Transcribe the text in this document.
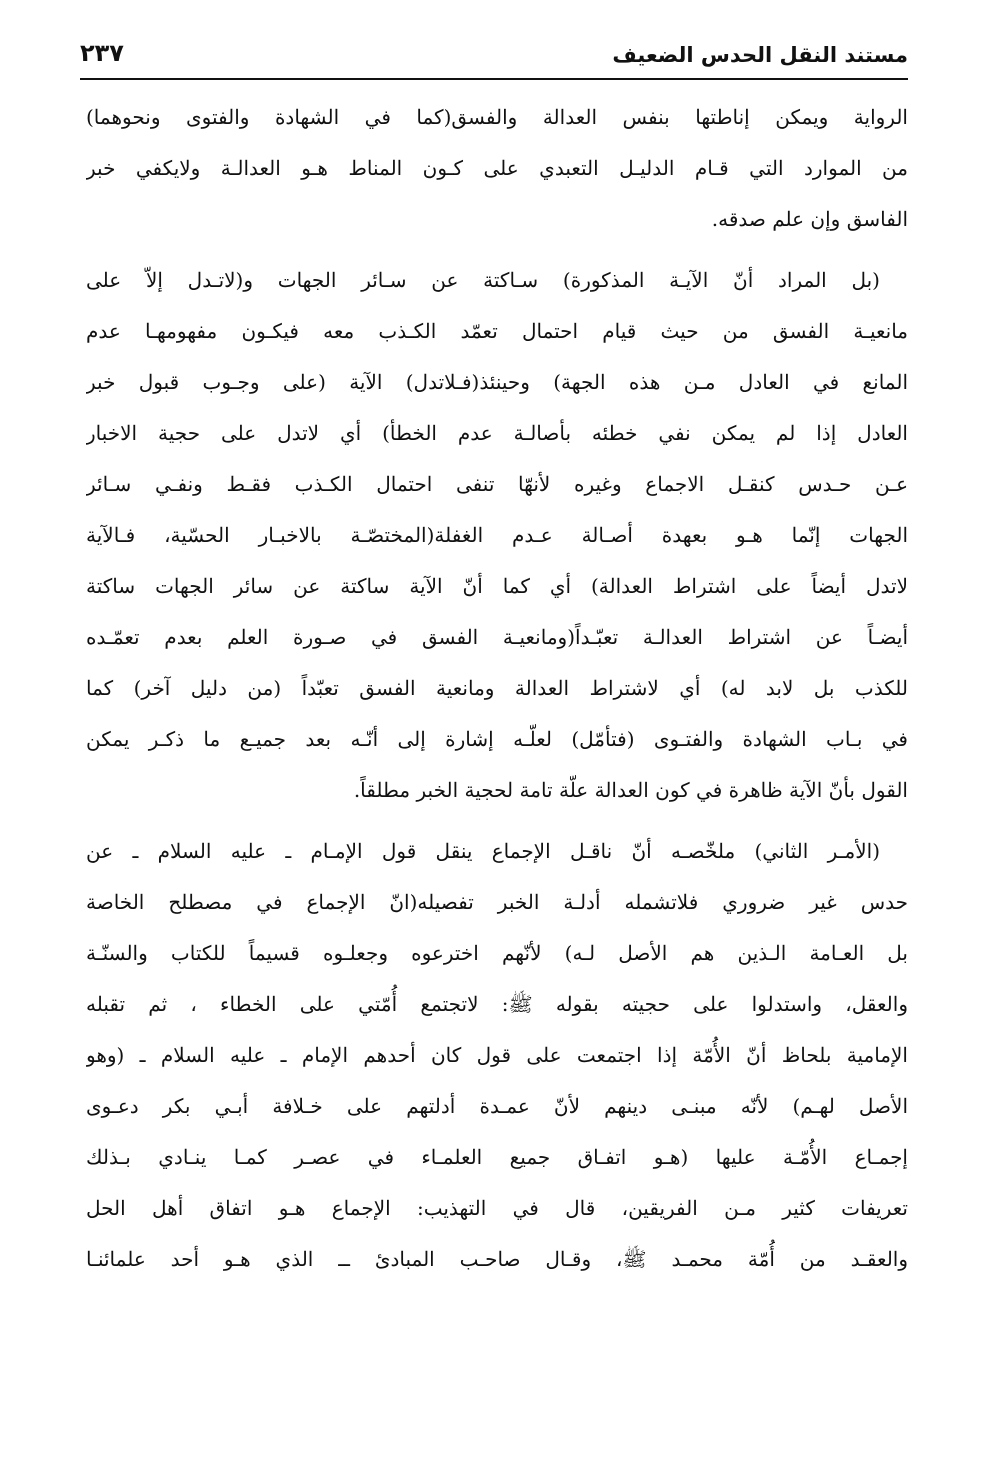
مستند النقل الحدس الضعيف
٢٣٧
الرواية ويمكن إناطتها بنفس العدالة والفسق(كما في الشهادة والفتوى ونحوهما)
من الموارد التي قـام الدليـل التعبدي على كـون المناط هـو العدالـة ولايكفي خبر
الفاسق وإن علم صدقه.
(بل المراد أنّ الآيـة المذكورة) سـاكتة عن سـائر الجهات و(لاتـدل إلاّ على
مانعيـة الفسق من حيث قيام احتمال تعمّد الكـذب معه فيكـون مفهومهـا عدم
المانع في العادل مـن هذه الجهة) وحينئذ(فـلاتدل) الآية (على وجـوب قبول خبر
العادل إذا لم يمكن نفي خطئه بأصالـة عدم الخطأ) أي لاتدل على حجية الاخبار
عـن حـدس كنقـل الاجماع وغيره لأنهّا تنفى احتمال الكـذب فقـط ونفـي سـائر
الجهات إنّما هـو بعهدة أصـالة عـدم الغفلة(المختصّـة بالاخبـار الحسّية، فـالآية
لاتدل أيضاً على اشتراط العدالة) أي كما أنّ الآية ساكتة عن سائر الجهات ساكتة
أيضـاً عن اشتراط العدالـة تعبّـداً(ومانعيـة الفسق في صـورة العلم بعدم تعمّـده
للكذب بل لابد له) أي لاشتراط العدالة ومانعية الفسق تعبّداً (من دليل آخر) كما
في بـاب الشهادة والفتـوى (فتأمّل) لعلّـه إشارة إلى أنّـه بعد جميـع ما ذكـر يمكن
القول بأنّ الآية ظاهرة في كون العدالة علّة تامة لحجية الخبر مطلقاً.
(الأمـر الثاني) ملخّصـه أنّ ناقـل الإجماع ينقل قول الإمـام ـ عليه السلام ـ عن
حدس غير ضروري فلاتشمله أدلـة الخبر تفصيله(انّ الإجماع في مصطلح الخاصة
بل العـامة الـذين هم الأصل لـه) لأنّهم اخترعوه وجعلـوه قسيماً للكتاب والسنّـة
والعقل، واستدلوا على حجيته بقوله ﷺ: لاتجتمع أُمّتي على الخطاء ، ثم تقبله
الإمامية بلحاظ أنّ الأُمّة إذا اجتمعت على قول كان أحدهم الإمام ـ عليه السلام ـ (وهو
الأصل لهـم) لأنّه مبنـى دينهم لأنّ عمـدة أدلتهم على خـلافة أبـي بكر دعـوى
إجمـاع الأُمّـة عليها (هـو اتفـاق جميع العلمـاء في عصـر كمـا ينـادي بـذلك
تعريفات كثير مـن الفريقين، قال في التهذيب: الإجماع هـو اتفاق أهل الحل
والعقـد من أُمّة محمـد ﷺ، وقـال صاحـب المبادئ ــ الذي هـو أحد علمائنـا
